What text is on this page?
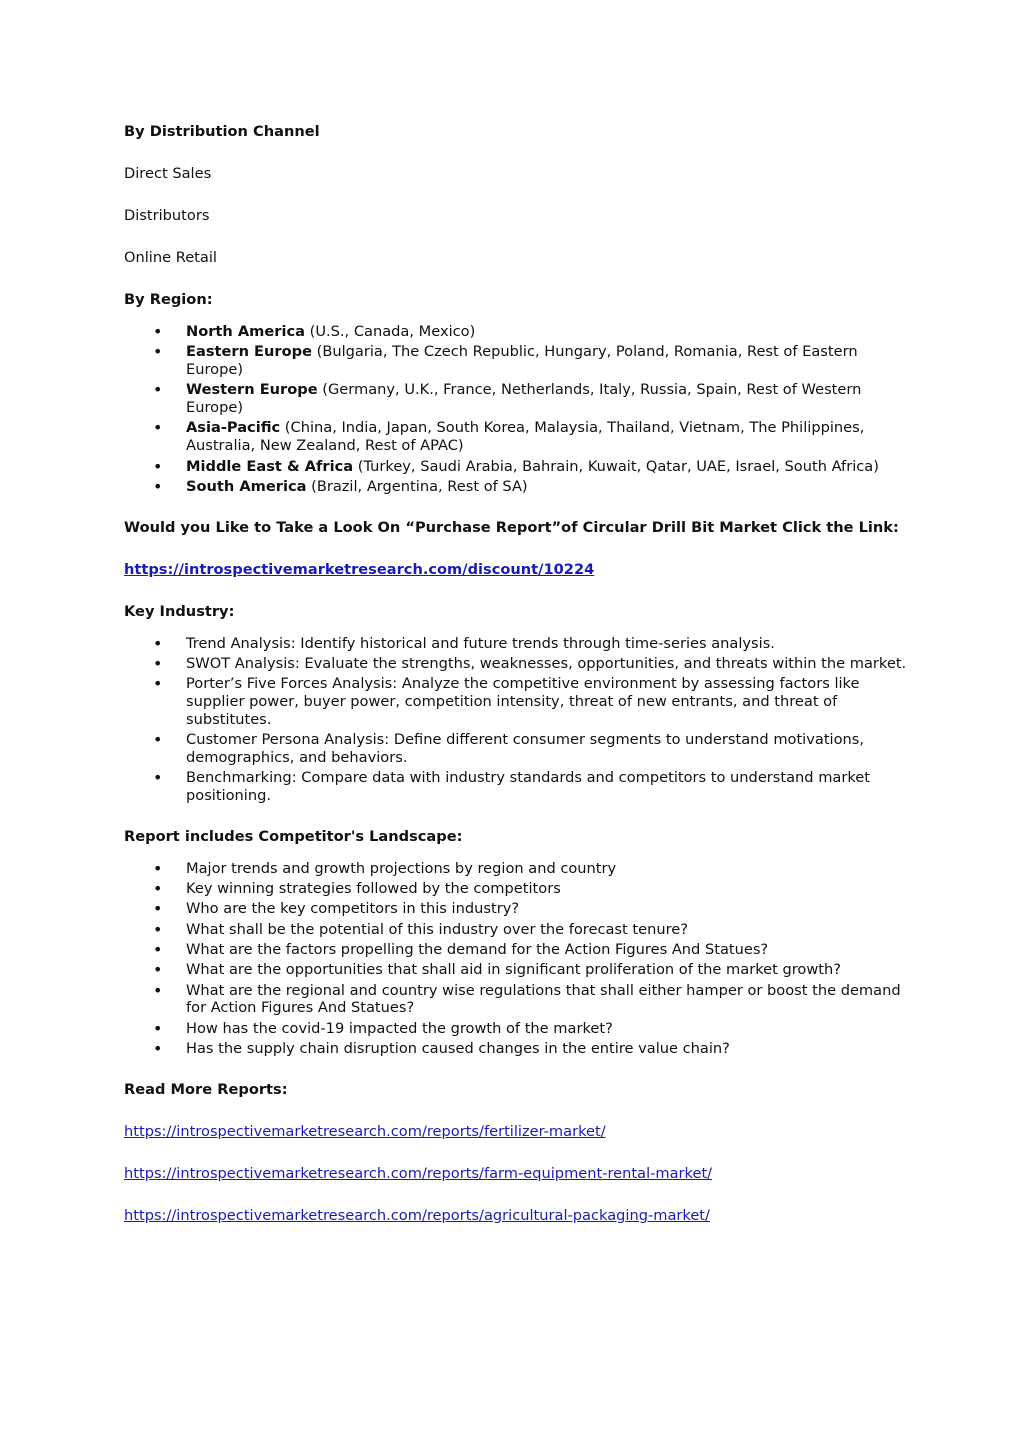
By Distribution Channel

Direct Sales

Distributors

Online Retail

By Region:

• North America (U.S., Canada, Mexico)
• Eastern Europe (Bulgaria, The Czech Republic, Hungary, Poland, Romania, Rest of Eastern Europe)
• Western Europe (Germany, U.K., France, Netherlands, Italy, Russia, Spain, Rest of Western Europe)
• Asia-Pacific (China, India, Japan, South Korea, Malaysia, Thailand, Vietnam, The Philippines, Australia, New Zealand, Rest of APAC)
• Middle East & Africa (Turkey, Saudi Arabia, Bahrain, Kuwait, Qatar, UAE, Israel, South Africa)
• South America (Brazil, Argentina, Rest of SA)

Would you Like to Take a Look On “Purchase Report”of Circular Drill Bit Market Click the Link:

https://introspectivemarketresearch.com/discount/10224

Key Industry:

• Trend Analysis: Identify historical and future trends through time-series analysis.
• SWOT Analysis: Evaluate the strengths, weaknesses, opportunities, and threats within the market.
• Porter’s Five Forces Analysis: Analyze the competitive environment by assessing factors like supplier power, buyer power, competition intensity, threat of new entrants, and threat of substitutes.
• Customer Persona Analysis: Define different consumer segments to understand motivations, demographics, and behaviors.
• Benchmarking: Compare data with industry standards and competitors to understand market positioning.

Report includes Competitor's Landscape:

• Major trends and growth projections by region and country
• Key winning strategies followed by the competitors
• Who are the key competitors in this industry?
• What shall be the potential of this industry over the forecast tenure?
• What are the factors propelling the demand for the Action Figures And Statues?
• What are the opportunities that shall aid in significant proliferation of the market growth?
• What are the regional and country wise regulations that shall either hamper or boost the demand for Action Figures And Statues?
• How has the covid-19 impacted the growth of the market?
• Has the supply chain disruption caused changes in the entire value chain?

Read More Reports:

https://introspectivemarketresearch.com/reports/fertilizer-market/

https://introspectivemarketresearch.com/reports/farm-equipment-rental-market/

https://introspectivemarketresearch.com/reports/agricultural-packaging-market/
